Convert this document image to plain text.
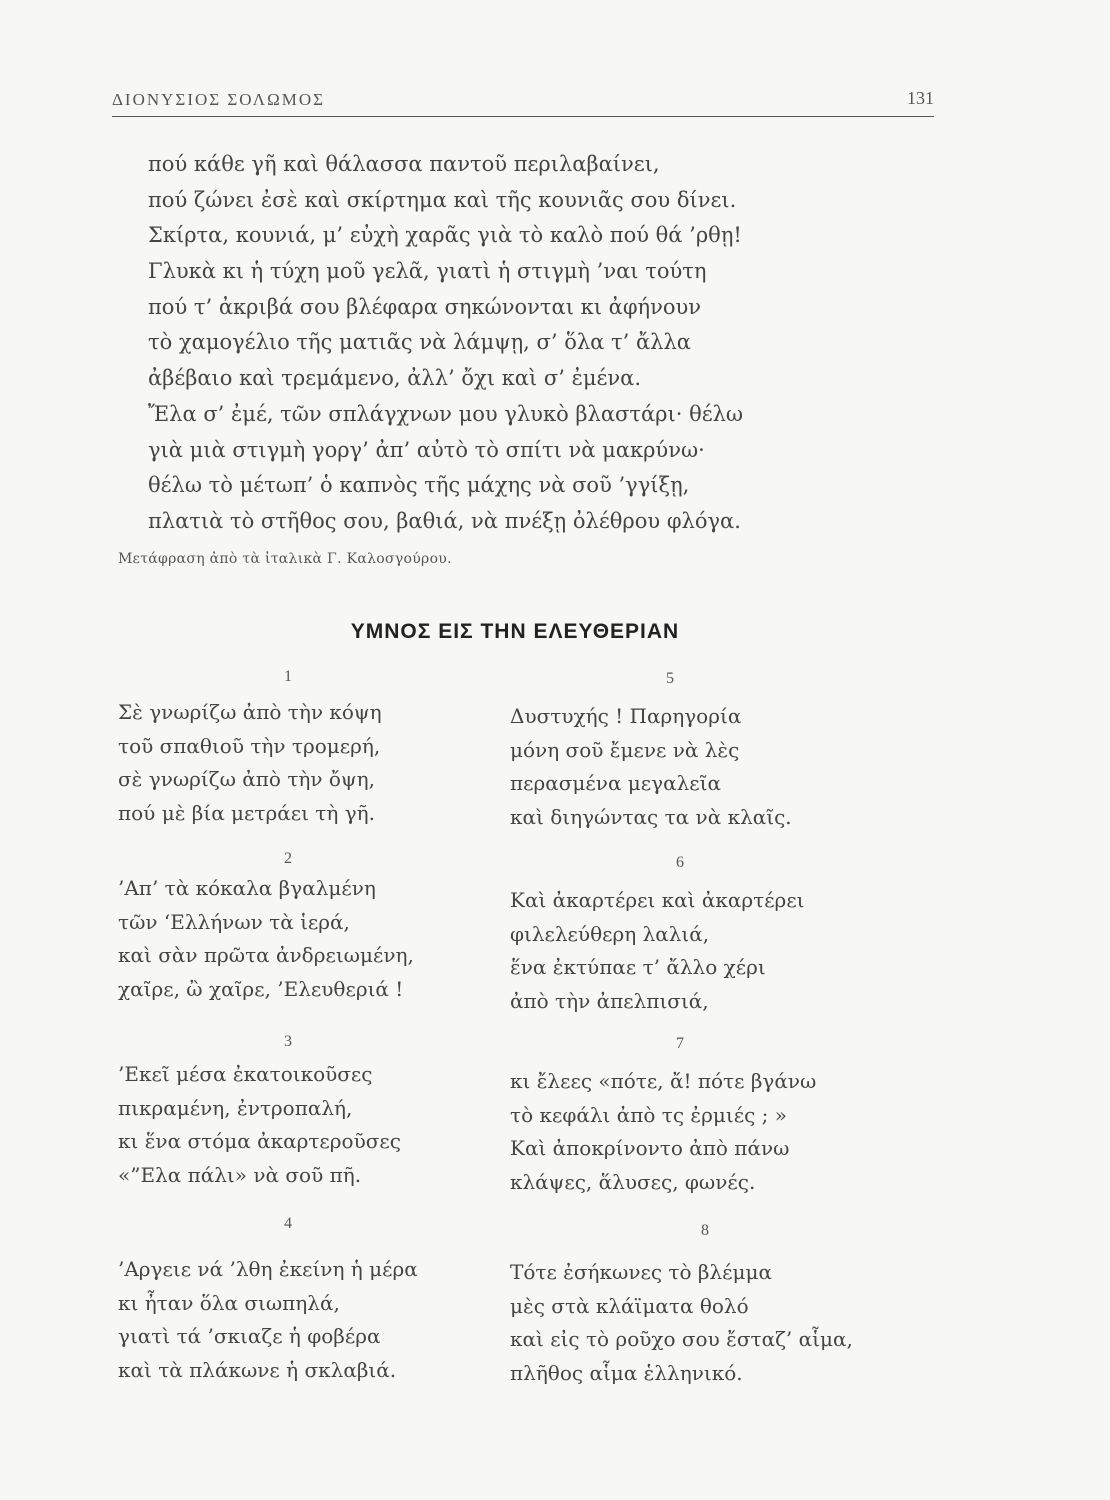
ΔΙΟΝΥΣΙΟΣ ΣΟΛΩΜΟΣ	131
πού κάθε γῆ καὶ θάλασσα παντοῦ περιλαβαίνει,
πού ζώνει ἐσὲ καὶ σκίρτημα καὶ τῆς κουνιᾶς σου δίνει.
Σκίρτα, κουνιά, μ’ εὐχὴ χαρᾶς γιὰ τὸ καλὸ πού θά ’ρθῃ!
Γλυκὰ κι ἡ τύχη μοῦ γελᾶ, γιατὶ ἡ στιγμὴ ’ναι τούτη
πού τ’ ἀκριβά σου βλέφαρα σηκώνονται κι ἀφήνουν
τὸ χαμογέλιο τῆς ματιᾶς νὰ λάμψῃ, σ’ ὅλα τ’ ἄλλα
ἀβέβαιο καὶ τρεμάμενο, ἀλλ’ ὄχι καὶ σ’ ἐμένα.
Ἔλα σ’ ἐμέ, τῶν σπλάγχνων μου γλυκὸ βλαστάρι· θέλω
γιὰ μιὰ στιγμὴ γοργ’ ἀπ’ αὐτὸ τὸ σπίτι νὰ μακρύνω·
θέλω τὸ μέτωπ’ ὁ καπνὸς τῆς μάχης νὰ σοῦ ’γγίξῃ,
πλατιὰ τὸ στῆθος σου, βαθιά, νὰ πνέξῃ ὀλέθρου φλόγα.
Μετάφραση ἀπὸ τὰ ἰταλικὰ Γ. Καλοσγούρου.
ΥΜΝΟΣ ΕΙΣ ΤΗΝ ΕΛΕΥΘΕΡΙΑΝ
1
Σὲ γνωρίζω ἀπὸ τὴν κόψη
τοῦ σπαθιοῦ τὴν τρομερή,
σὲ γνωρίζω ἀπὸ τὴν ὄψη,
πού μὲ βία μετράει τὴ γῆ.
2
’Απ’ τὰ κόκαλα βγαλμένη
τῶν ‘Ελλήνων τὰ ἱερά,
καὶ σὰν πρῶτα ἀνδρειωμένη,
χαῖρε, ὢ χαῖρε, ’Ελευθεριά !
3
’Εκεῖ μέσα ἐκατοικοῦσες
πικραμένη, ἐντροπαλή,
κι ἕνα στόμα ἀκαρτεροῦσες
«”Ελα πάλι» νὰ σοῦ πῆ.
4
’Αργειε νά ’λθη ἐκείνη ἡ μέρα
κι ἦταν ὅλα σιωπηλά,
γιατὶ τά ’σκιαζε ἡ φοβέρα
καὶ τὰ πλάκωνε ἡ σκλαβιά.
5
Δυστυχής ! Παρηγορία
μόνη σοῦ ἔμενε νὰ λὲς
περασμένα μεγαλεῖα
καὶ διηγώντας τα νὰ κλαῖς.
6
Καὶ ἀκαρτέρει καὶ ἀκαρτέρει
φιλελεύθερη λαλιά,
ἕνα ἐκτύπαε τ’ ἄλλο χέρι
ἀπὸ τὴν ἀπελπισιά,
7
κι ἔλεες «πότε, ἄ! πότε βγάνω
τὸ κεφάλι ἀπὸ τς ἐρμιές ; »
Καὶ ἀποκρίνοντο ἀπὸ πάνω
κλάψες, ἅλυσες, φωνές.
8
Τότε ἐσήκωνες τὸ βλέμμα
μὲς στὰ κλάϊματα θολό
καὶ εἰς τὸ ροῦχο σου ἔσταζ’ αἷμα,
πλῆθος αἷμα ἑλληνικό.
